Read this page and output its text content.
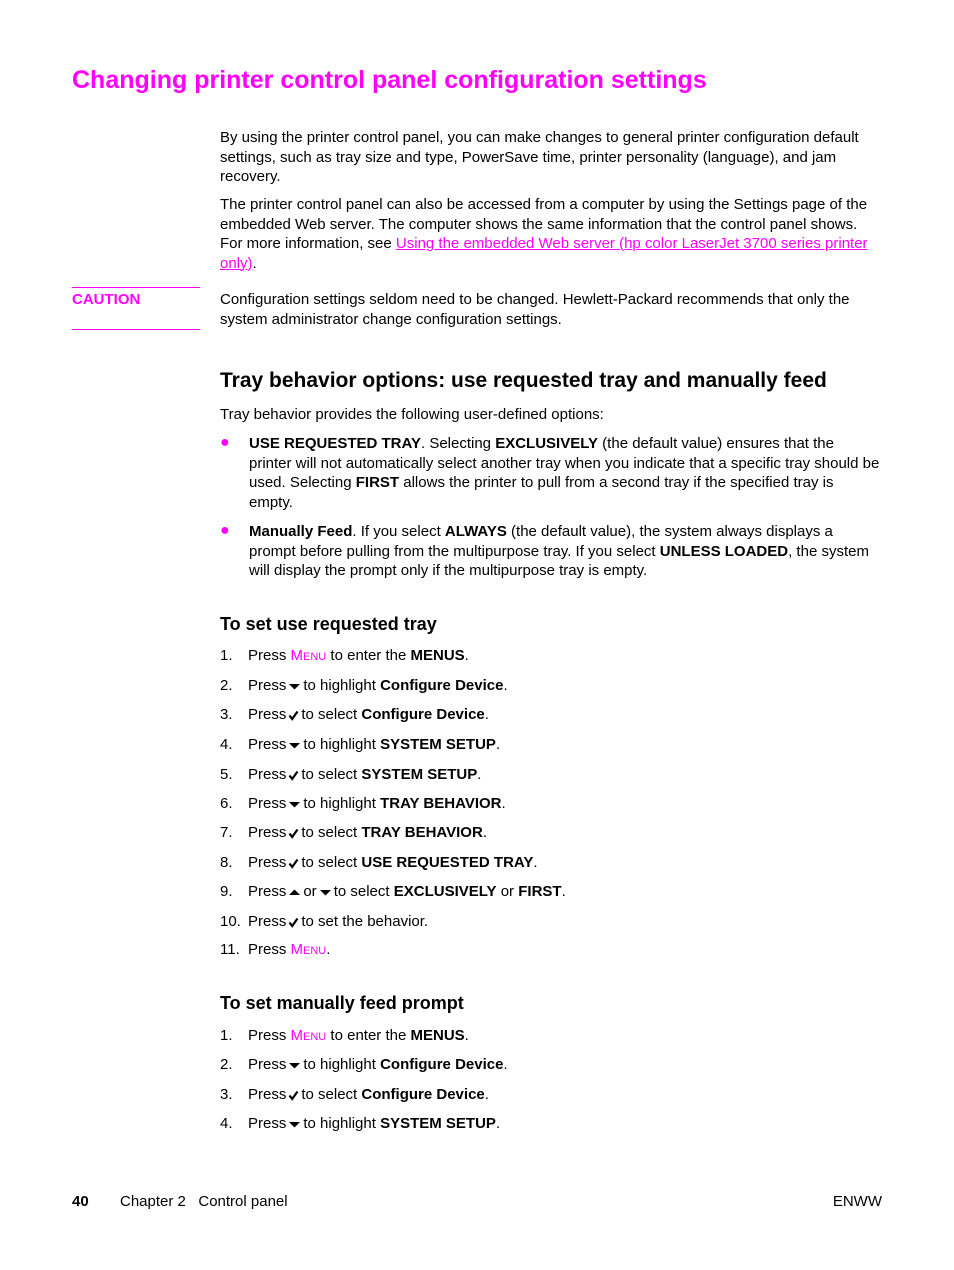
Changing printer control panel configuration settings

By using the printer control panel, you can make changes to general printer configuration default settings, such as tray size and type, PowerSave time, printer personality (language), and jam recovery.

The printer control panel can also be accessed from a computer by using the Settings page of the embedded Web server. The computer shows the same information that the control panel shows. For more information, see Using the embedded Web server (hp color LaserJet 3700 series printer only).

CAUTION	Configuration settings seldom need to be changed. Hewlett-Packard recommends that only the system administrator change configuration settings.

Tray behavior options: use requested tray and manually feed

Tray behavior provides the following user-defined options:

● USE REQUESTED TRAY. Selecting EXCLUSIVELY (the default value) ensures that the printer will not automatically select another tray when you indicate that a specific tray should be used. Selecting FIRST allows the printer to pull from a second tray if the specified tray is empty.
● Manually Feed. If you select ALWAYS (the default value), the system always displays a prompt before pulling from the multipurpose tray. If you select UNLESS LOADED, the system will display the prompt only if the multipurpose tray is empty.
To set use requested tray
1. Press Menu to enter the MENUS.
2. Press to highlight Configure Device.
3. Press to select Configure Device.
4. Press to highlight SYSTEM SETUP.
5. Press to select SYSTEM SETUP.
6. Press to highlight TRAY BEHAVIOR.
7. Press to select TRAY BEHAVIOR.
8. Press to select USE REQUESTED TRAY.
9. Press or to select EXCLUSIVELY or FIRST.
10. Press to set the behavior.
11. Press Menu.
To set manually feed prompt
1. Press Menu to enter the MENUS.
2. Press to highlight Configure Device.
3. Press to select Configure Device.
4. Press to highlight SYSTEM SETUP.
40 Chapter 2   Control panel	ENWW
